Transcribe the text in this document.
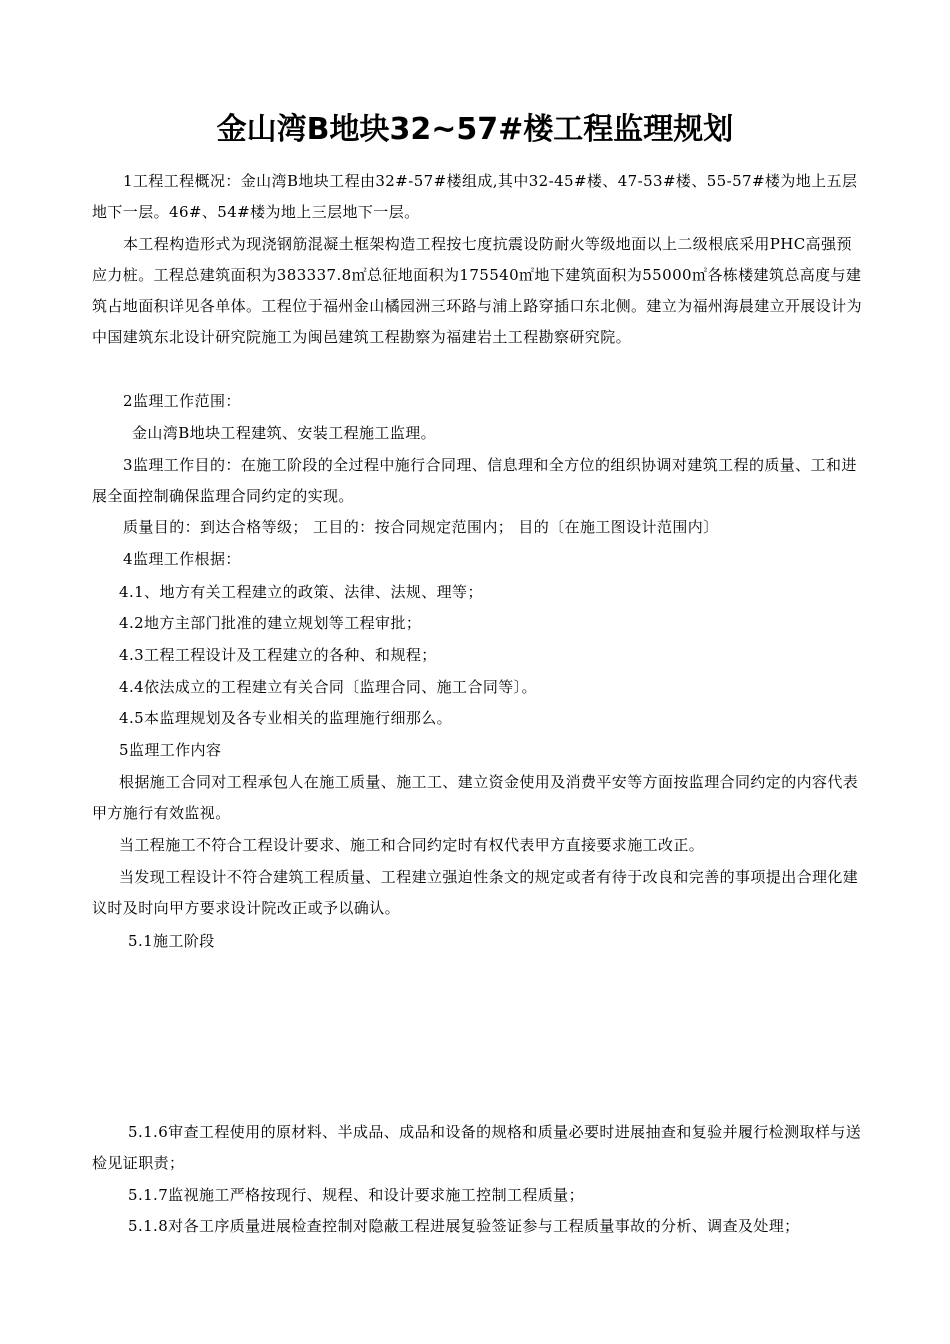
金山湾B地块32~57#楼工程监理规划
1工程工程概况：金山湾B地块工程由32#-57#楼组成,其中32-45#楼、47-53#楼、55-57#楼为地上五层地下一层。46#、54#楼为地上三层地下一层。
本工程构造形式为现浇钢筋混凝土框架构造工程按七度抗震设防耐火等级地面以上二级根底采用PHC高强预应力桩。工程总建筑面积为383337.8㎡总征地面积为175540㎡地下建筑面积为55000㎡各栋楼建筑总高度与建筑占地面积详见各单体。工程位于福州金山橘园洲三环路与浦上路穿插口东北侧。建立为福州海晨建立开展设计为中国建筑东北设计研究院施工为闽邑建筑工程勘察为福建岩土工程勘察研究院。
2监理工作范围：
金山湾B地块工程建筑、安装工程施工监理。
3监理工作目的：在施工阶段的全过程中施行合同理、信息理和全方位的组织协调对建筑工程的质量、工和进展全面控制确保监理合同约定的实现。
质量目的：到达合格等级； 工目的：按合同规定范围内； 目的〔在施工图设计范围内〕
4监理工作根据：
4.1、地方有关工程建立的政策、法律、法规、理等；
4.2地方主部门批准的建立规划等工程审批；
4.3工程工程设计及工程建立的各种、和规程；
4.4依法成立的工程建立有关合同〔监理合同、施工合同等〕。
4.5本监理规划及各专业相关的监理施行细那么。
5监理工作内容
根据施工合同对工程承包人在施工质量、施工工、建立资金使用及消费平安等方面按监理合同约定的内容代表甲方施行有效监视。
当工程施工不符合工程设计要求、施工和合同约定时有权代表甲方直接要求施工改正。
当发现工程设计不符合建筑工程质量、工程建立强迫性条文的规定或者有待于改良和完善的事项提出合理化建议时及时向甲方要求设计院改正或予以确认。
5.1施工阶段
5.1.6审查工程使用的原材料、半成品、成品和设备的规格和质量必要时进展抽查和复验并履行检测取样与送检见证职责；
5.1.7监视施工严格按现行、规程、和设计要求施工控制工程质量；
5.1.8对各工序质量进展检查控制对隐蔽工程进展复验签证参与工程质量事故的分析、调查及处理；
